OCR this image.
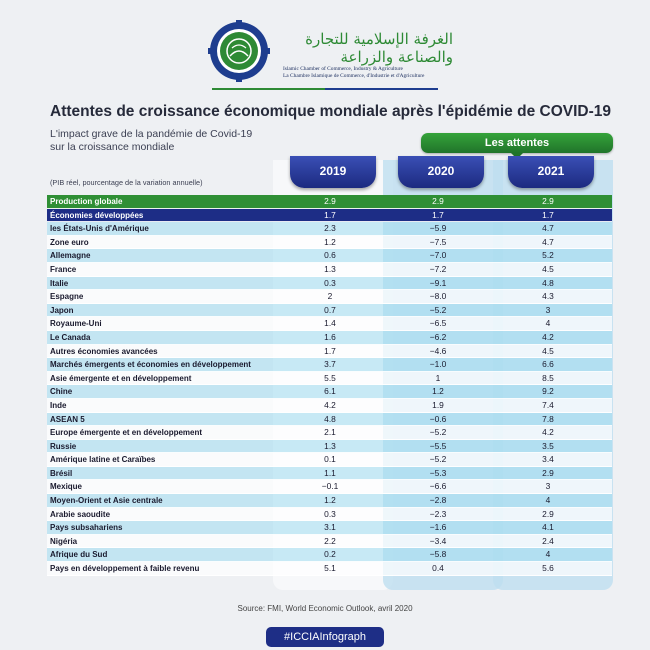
الغرفة الإسلامية للتجارة والصناعة والزراعة
Islamic Chamber of Commerce, Industry & Agriculture
La Chambre Islamique de Commerce, d'Industrie et d'Agriculture
Attentes de croissance économique mondiale après l'épidémie de COVID-19
L'impact grave de la pandémie de Covid-19
sur la croissance mondiale	Les attentes
2019	2020	2021
(PIB réel, pourcentage de la variation annuelle)
Production globale	2.9	2.9	2.9
Économies développées	1.7	1.7	1.7
les États-Unis d'Amérique	2.3	−5.9	4.7
Zone euro	1.2	−7.5	4.7
Allemagne	0.6	−7.0	5.2
France	1.3	−7.2	4.5
Italie	0.3	−9.1	4.8
Espagne	2	−8.0	4.3
Japon	0.7	−5.2	3
Royaume-Uni	1.4	−6.5	4
Le Canada	1.6	−6.2	4.2
Autres économies avancées	1.7	−4.6	4.5
Marchés émergents et économies en développement	3.7	−1.0	6.6
Asie émergente et en développement	5.5	1	8.5
Chine	6.1	1.2	9.2
Inde	4.2	1.9	7.4
ASEAN 5	4.8	−0.6	7.8
Europe émergente et en développement	2.1	−5.2	4.2
Russie	1.3	−5.5	3.5
Amérique latine et Caraïbes	0.1	−5.2	3.4
Brésil	1.1	−5.3	2.9
Mexique	−0.1	−6.6	3
Moyen-Orient et Asie centrale	1.2	−2.8	4
Arabie saoudite	0.3	−2.3	2.9
Pays subsahariens	3.1	−1.6	4.1
Nigéria	2.2	−3.4	2.4
Afrique du Sud	0.2	−5.8	4
Pays en développement à faible revenu	5.1	0.4	5.6
Source: FMI, World Economic Outlook, avril 2020
#ICCIAInfograph
